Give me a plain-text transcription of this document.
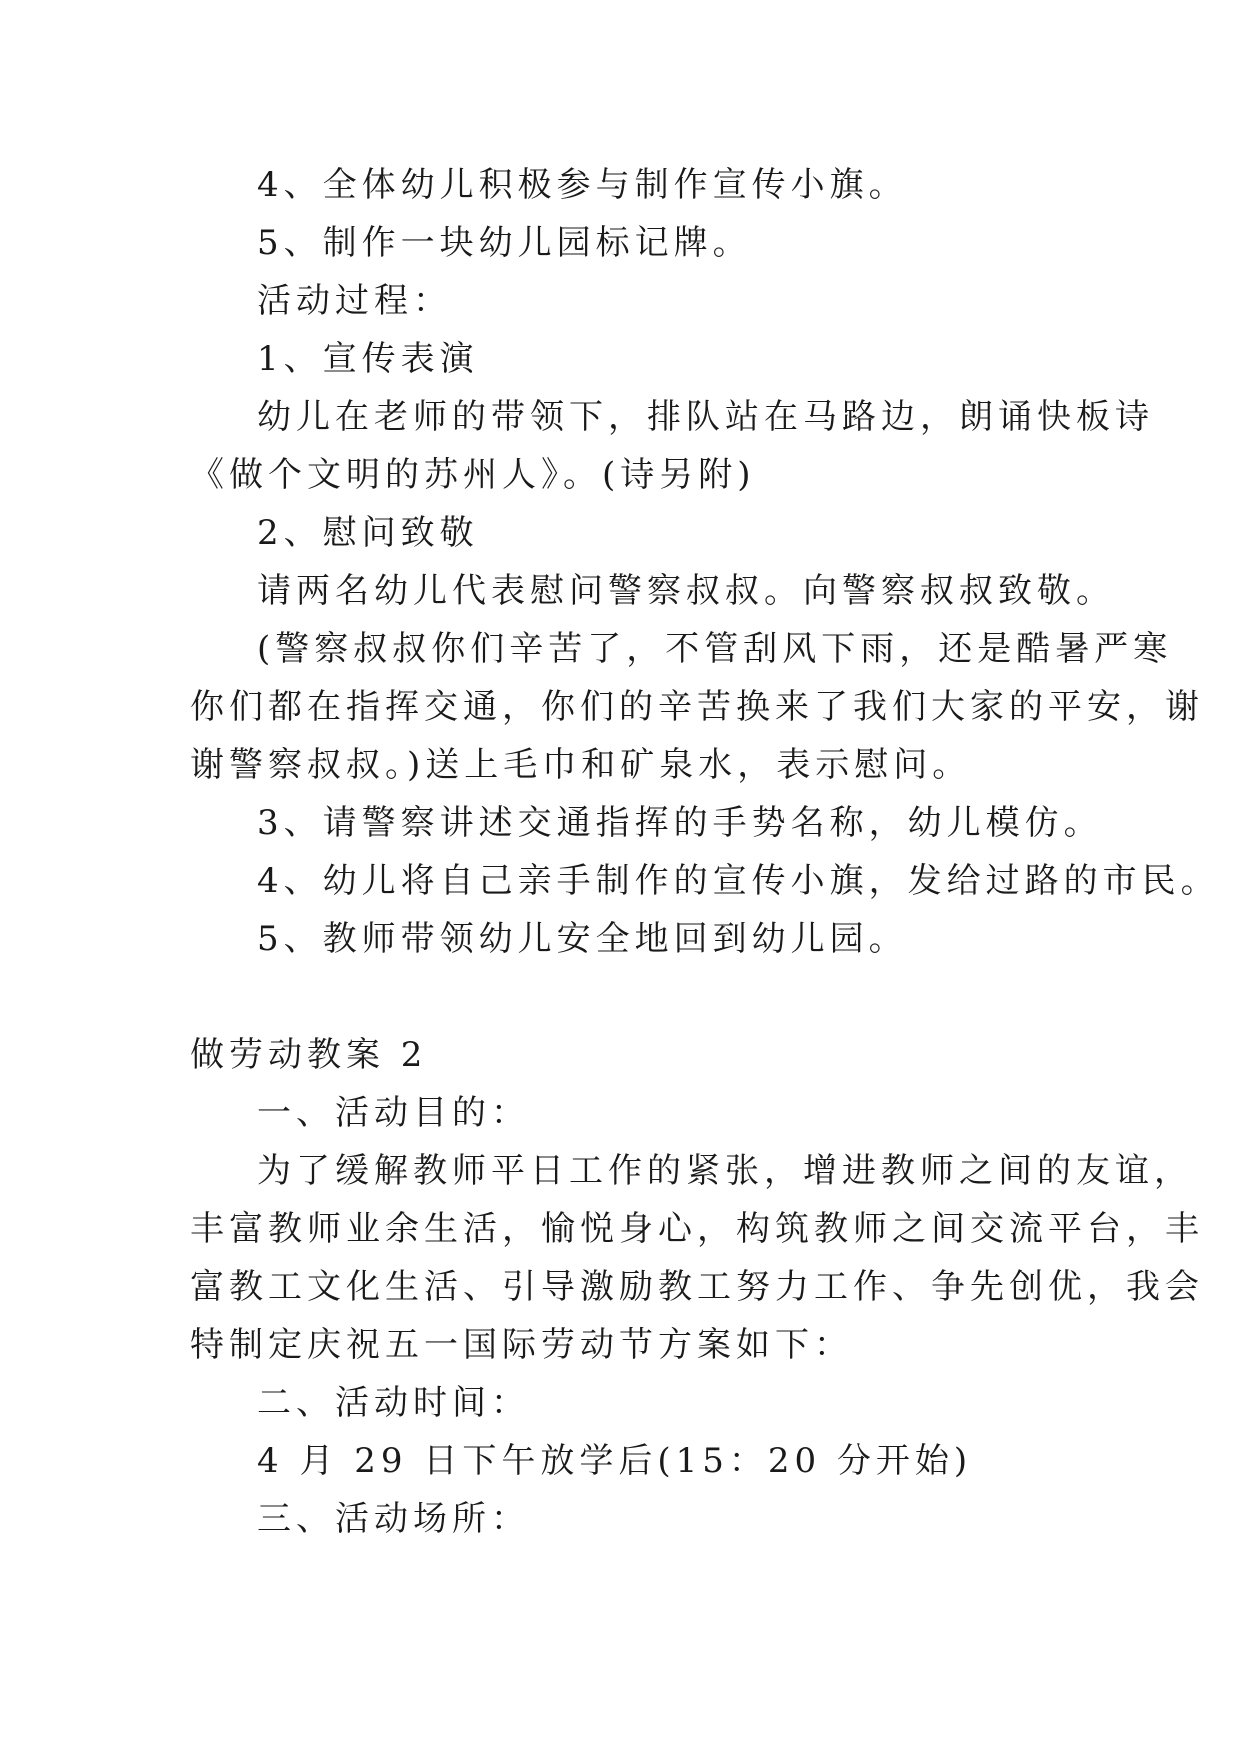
4、全体幼儿积极参与制作宣传小旗。
5、制作一块幼儿园标记牌。
活动过程：
1、宣传表演
幼儿在老师的带领下，排队站在马路边，朗诵快板诗
《做个文明的苏州人》。(诗另附)
2、慰问致敬
请两名幼儿代表慰问警察叔叔。向警察叔叔致敬。
(警察叔叔你们辛苦了，不管刮风下雨，还是酷暑严寒
你们都在指挥交通，你们的辛苦换来了我们大家的平安，谢
谢警察叔叔。)送上毛巾和矿泉水，表示慰问。
3、请警察讲述交通指挥的手势名称，幼儿模仿。
4、幼儿将自己亲手制作的宣传小旗，发给过路的市民。
5、教师带领幼儿安全地回到幼儿园。
做劳动教案 2
一、活动目的：
为了缓解教师平日工作的紧张，增进教师之间的友谊，
丰富教师业余生活，愉悦身心，构筑教师之间交流平台，丰
富教工文化生活、引导激励教工努力工作、争先创优，我会
特制定庆祝五一国际劳动节方案如下：
二、活动时间：
4 月 29 日下午放学后(15：20 分开始)
三、活动场所：
